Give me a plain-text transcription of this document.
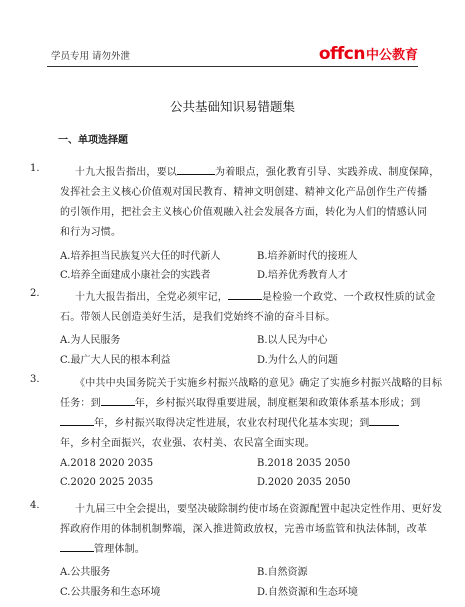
学员专用 请勿外泄	offcn 中公教育
公共基础知识易错题集
一、单项选择题
1.	十九大报告指出，要以	为着眼点，强化教育引导、实践养成、制度保障，
发挥社会主义核心价值观对国民教育、精神文明创建、精神文化产品创作生产传播
的引领作用，把社会主义核心价值观融入社会发展各方面，转化为人们的情感认同
和行为习惯。
A.培养担当民族复兴大任的时代新人	B.培养新时代的接班人
C.培养全面建成小康社会的实践者	D.培养优秀教育人才
2.	十九大报告指出，全党必须牢记，	是检验一个政党、一个政权性质的试金
石。带领人民创造美好生活，是我们党始终不渝的奋斗目标。
A.为人民服务	B.以人民为中心
C.最广大人民的根本利益	D.为什么人的问题
3.	《中共中央国务院关于实施乡村振兴战略的意见》确定了实施乡村振兴战略的目标
任务：到	年，乡村振兴取得重要进展，制度框架和政策体系基本形成；到
年，乡村振兴取得决定性进展，农业农村现代化基本实现；到
年，乡村全面振兴，农业强、农村美、农民富全面实现。
A.2018 2020 2035	B.2018 2035 2050
C.2020 2025 2035	D.2020 2035 2050
4.	十九届三中全会提出，要坚决破除制约使市场在资源配置中起决定性作用、更好发
挥政府作用的体制机制弊端，深入推进简政放权，完善市场监管和执法体制，改革
管理体制。
A.公共服务	B.自然资源
C.公共服务和生态环境	D.自然资源和生态环境
